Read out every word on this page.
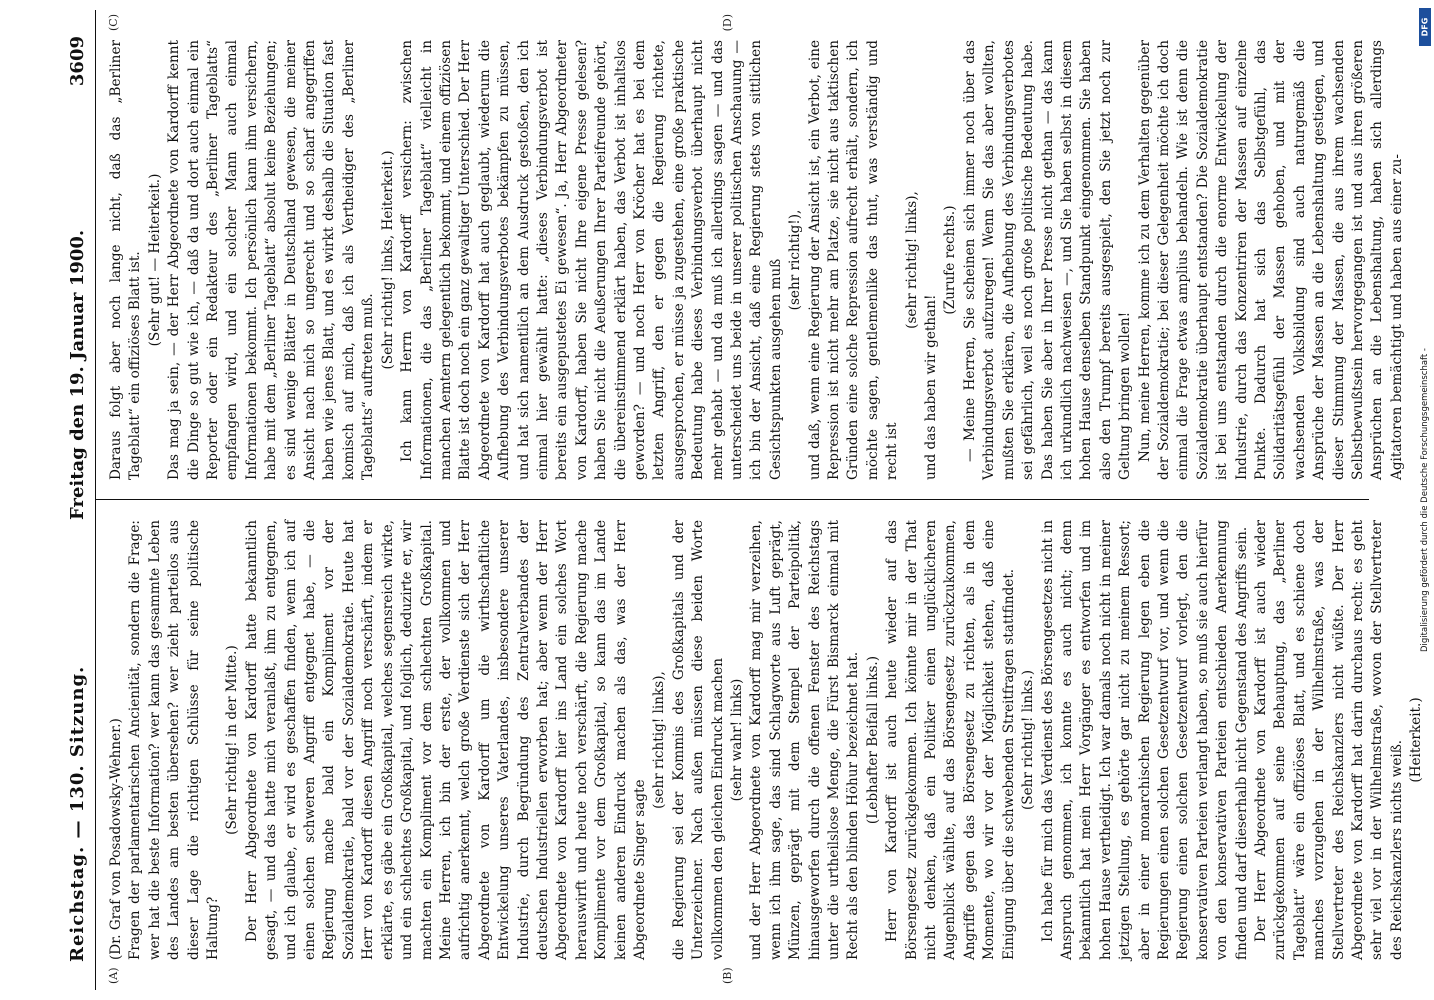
Reichstag. — 130. Sitzung.
Freitag den 19. Januar 1900.
3609
(A)	(B)
(C)	(D)

(Dr. Graf von Posadowsky-Wehner.) Fragen der parlamentarischen Ancienität, sondern die Frage: wer hat die beste Information? wer kann das gesammte Leben des Landes am besten übersehen? wer zieht parteilos aus dieser Lage die richtigen Schlüsse für seine politische Haltung?

(Sehr richtig! in der Mitte.) Der Herr Abgeordnete von Kardorff hatte bekanntlich gesagt, — und das hatte mich veranlaßt, ihm zu entgegnen, und ich glaube, er wird es geschaffen finden, wenn ich auf einen solchen schweren Angriff entgegnet habe, — die Regierung mache bald ein Kompliment vor der Sozialdemokratie, bald vor der Sozialdemokratie. Heute hat Herr von Kardorff diesen Angriff noch verschärft, indem er erklärte, es gäbe ein Großkapital, welches segensreich wirkte, und ein schlechtes Großkapital, und folglich, deduzirte er, wir machten ein Kompliment vor dem schlechten Großkapital. Meine Herren, ich bin der erste, der vollkommen und aufrichtig anerkennt, welch große Verdienste sich der Herr Abgeordnete von Kardorff um die wirthschaftliche Entwickelung unseres Vaterlandes, insbesondere unserer Industrie, durch Begründung des Zentralverbandes der deutschen Industriellen erworben hat; aber wenn der Herr Abgeordnete von Kardorff hier ins Land ein solches Wort herauswirft und heute noch verschärft, die Regierung mache Komplimente vor dem Großkapital, so kann das im Lande keinen anderen Eindruck machen als das, was der Herr Abgeordnete Singer sagte

(sehr richtig! links), die Regierung sei der Kommis des Großkapitals und der Unterzeichner. Nach außen müssen diese beiden Worte vollkommen den gleichen Eindruck machen (sehr wahr! links) und der Herr Abgeordnete von Kardorff mag mir verzeihen, wenn ich ihm sage, das sind Schlagworte aus Luft geprägt, Münzen, geprägt mit dem Stempel der Parteipolitik, hinausgeworfen durch die offenen Fenster des Reichstags unter die urtheilslose Menge, die Fürst Bismarck einmal mit Recht als den blinden Höhur bezeichnet hat. (Lebhafter Beifall links.) Herr von Kardorff ist auch heute wieder auf das Börsengesetz zurückgekommen. Ich könnte mir in der That nicht denken, daß ein Politiker einen unglücklicheren Augenblick wählte, auf das Börsengesetz zurückzukommen, Angriffe gegen das Börsengesetz zu richten, als in dem Momente, wo wir vor der Möglichkeit stehen, daß eine Einigung über die schwebenden Streitfragen stattfindet. (Sehr richtig! links.) Ich habe für mich das Verdienst des Börsengesetzes nicht in Anspruch genommen, ich konnte es auch nicht; denn bekanntlich hat mein Herr Vorgänger es entworfen und im hohen Hause vertheidigt. Ich war damals noch nicht in meiner jetzigen Stellung, es gehörte gar nicht zu meinem Ressort; aber in einer monarchischen Regierung legen eben die Regierungen einen solchen Gesetzentwurf vor, und wenn die Regierung einen solchen Gesetzentwurf vorlegt, den die konservativen Parteien verlangt haben, so muß sie auch hierfür von den konservativen Parteien entschieden Anerkennung finden und darf dieserhalb nicht Gegenstand des Angriffs sein. Der Herr Abgeordnete von Kardorff ist auch wieder zurückgekommen auf seine Behauptung, das „Berliner Tageblatt“ wäre ein offiziöses Blatt, und es schiene doch manches vorzugehen in der Wilhelmstraße, was der Stellvertreter des Reichskanzlers nicht wüßte. Der Herr Abgeordnete von Kardorff hat darin durchaus recht: es geht sehr viel vor in der Wilhelmstraße, wovon der Stellvertreter des Reichskanzlers nichts weiß. (Heiterkeit.)

Daraus folgt aber noch lange nicht, daß das „Berliner Tageblatt“ ein offiziöses Blatt ist. (Sehr gut! — Heiterkeit.) Das mag ja sein, — der Herr Abgeordnete von Kardorff kennt die Dinge so gut wie ich, — daß da und dort auch einmal ein Reporter oder ein Redakteur des „Berliner Tageblatts“ empfangen wird, und ein solcher Mann auch einmal Informationen bekommt. Ich persönlich kann ihm versichern, habe mit dem „Berliner Tageblatt“ absolut keine Beziehungen; es sind wenige Blätter in Deutschland gewesen, die meiner Ansicht nach mich so ungerecht und so scharf angegriffen haben wie jenes Blatt, und es wirkt deshalb die Situation fast komisch auf mich, daß ich als Vertheidiger des „Berliner Tageblatts“ auftreten muß.

(Sehr richtig! links, Heiterkeit.) Ich kann Herrn von Kardorff versichern: zwischen Informationen, die das „Berliner Tageblatt“ vielleicht in manchen Aemtern gelegentlich bekommt, und einem offiziösen Blatte ist doch noch ein ganz gewaltiger Unterschied. Der Herr Abgeordnete von Kardorff hat auch geglaubt, wiederum die Aufhebung des Verbindungsverbotes bekämpfen zu müssen, und hat sich namentlich an dem Ausdruck gestoßen, den ich einmal hier gewählt hatte: „dieses Verbindungsverbot ist bereits ein ausgepustetes Ei gewesen“. Ja, Herr Abgeordneter von Kardorff, haben Sie nicht Ihre eigene Presse gelesen? haben Sie nicht die Aeußerungen Ihrer Parteifreunde gehört, die übereinstimmend erklärt haben, das Verbot ist inhaltslos geworden? — und noch Herr von Kröcher hat es bei dem letzten Angriff, den er gegen die Regierung richtete, ausgesprochen, er müsse ja zugestehen, eine große praktische Bedeutung habe dieses Verbindungsverbot überhaupt nicht mehr gehabt — und da muß ich allerdings sagen — und das unterscheidet uns beide in unserer politischen Anschauung — ich bin der Ansicht, daß eine Regierung stets von sittlichen Gesichtspunkten ausgehen muß (sehr richtig!), und daß, wenn eine Regierung der Ansicht ist, ein Verbot, eine Repression ist nicht mehr am Platze, sie nicht aus taktischen Gründen eine solche Repression aufrecht erhält, sondern, ich möchte sagen, gentlemenlike das thut, was verständig und recht ist

(sehr richtig! links),

und das haben wir gethan!

(Zurufe rechts.) — Meine Herren, Sie scheinen sich immer noch über das Verbindungsverbot aufzuregen! Wenn Sie das aber wollten, mußten Sie erklären, die Aufhebung des Verbindungsverbotes sei gefährlich, weil es noch große politische Bedeutung habe. Das haben Sie aber in Ihrer Presse nicht gethan — das kann ich urkundlich nachweisen —, und Sie haben selbst in diesem hohen Hause denselben Standpunkt eingenommen. Sie haben also den Trumpf bereits ausgespielt, den Sie jetzt noch zur Geltung bringen wollen! Nun, meine Herren, komme ich zu dem Verhalten gegenüber der Sozialdemokratie; bei dieser Gelegenheit möchte ich doch einmal die Frage etwas amplius behandeln. Wie ist denn die Sozialdemokratie überhaupt entstanden? Die Sozialdemokratie ist bei uns entstanden durch die enorme Entwickelung der Industrie, durch das Konzentriren der Massen auf einzelne Punkte. Dadurch hat sich das Selbstgefühl, das Solidaritätsgefühl der Massen gehoben, und mit der wachsenden Volksbildung sind auch naturgemäß die Ansprüche der Massen an die Lebenshaltung gestiegen, und dieser Stimmung der Massen, die aus ihrem wachsenden Selbstbewußtsein hervorgegangen ist und aus ihren größeren Ansprüchen an die Lebenshaltung, haben sich allerdings Agitatoren bemächtigt und haben aus einer zu-

DFG
Digitalisierung gefördert durch die Deutsche Forschungsgemeinschaft -
